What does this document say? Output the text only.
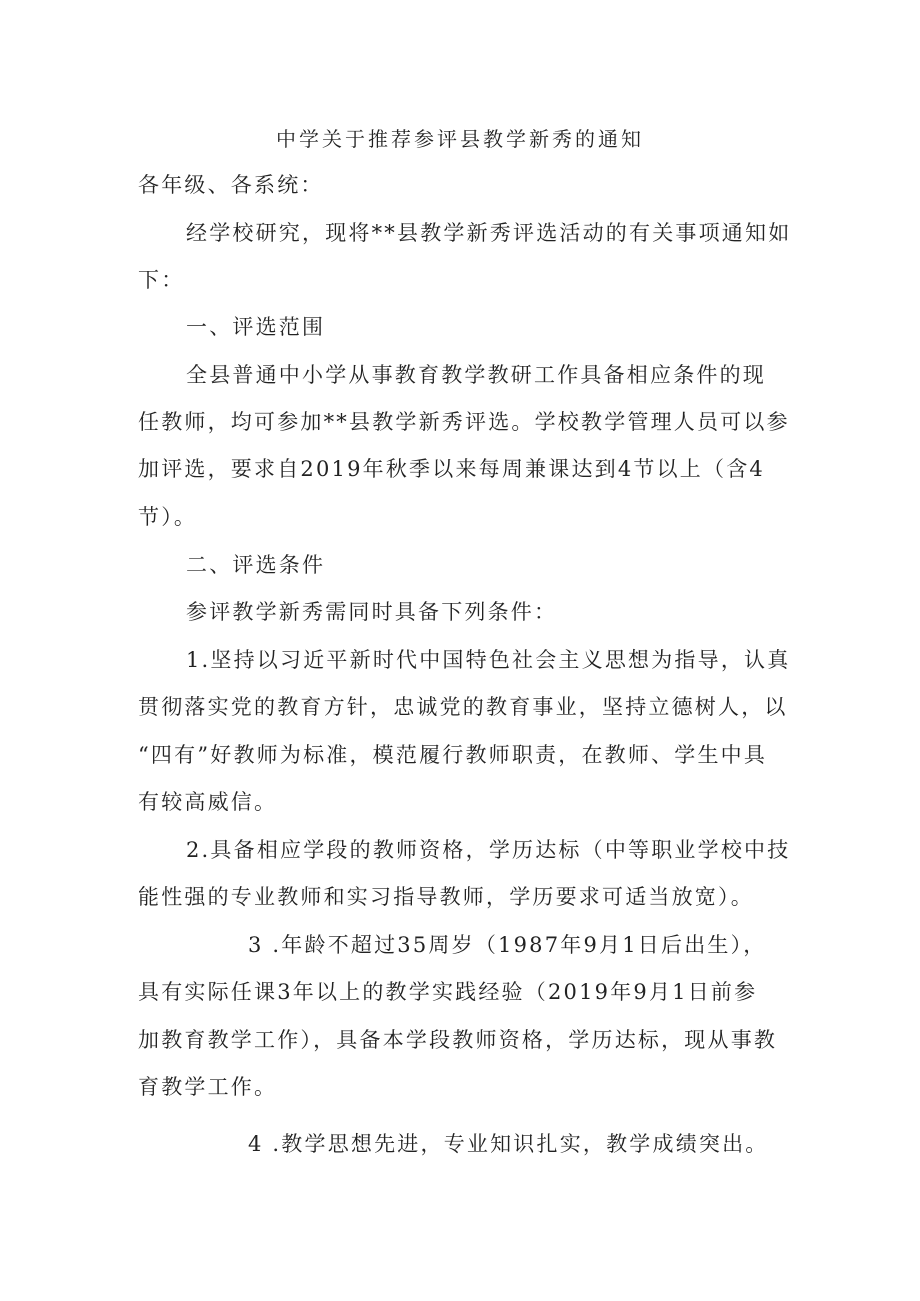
中学关于推荐参评县教学新秀的通知
各年级、各系统：
经学校研究，现将**县教学新秀评选活动的有关事项通知如
下：
一、评选范围
全县普通中小学从事教育教学教研工作具备相应条件的现
任教师，均可参加**县教学新秀评选。学校教学管理人员可以参
加评选，要求自2019年秋季以来每周兼课达到4节以上（含4
节）。
二、评选条件
参评教学新秀需同时具备下列条件：
1.坚持以习近平新时代中国特色社会主义思想为指导，认真
贯彻落实党的教育方针，忠诚党的教育事业，坚持立德树人，以
“四有”好教师为标准，模范履行教师职责，在教师、学生中具
有较高威信。
2.具备相应学段的教师资格，学历达标（中等职业学校中技
能性强的专业教师和实习指导教师，学历要求可适当放宽）。
3 .年龄不超过35周岁（1987年9月1日后出生），
具有实际任课3年以上的教学实践经验（2019年9月1日前参
加教育教学工作），具备本学段教师资格，学历达标，现从事教
育教学工作。
4 .教学思想先进，专业知识扎实，教学成绩突出。
